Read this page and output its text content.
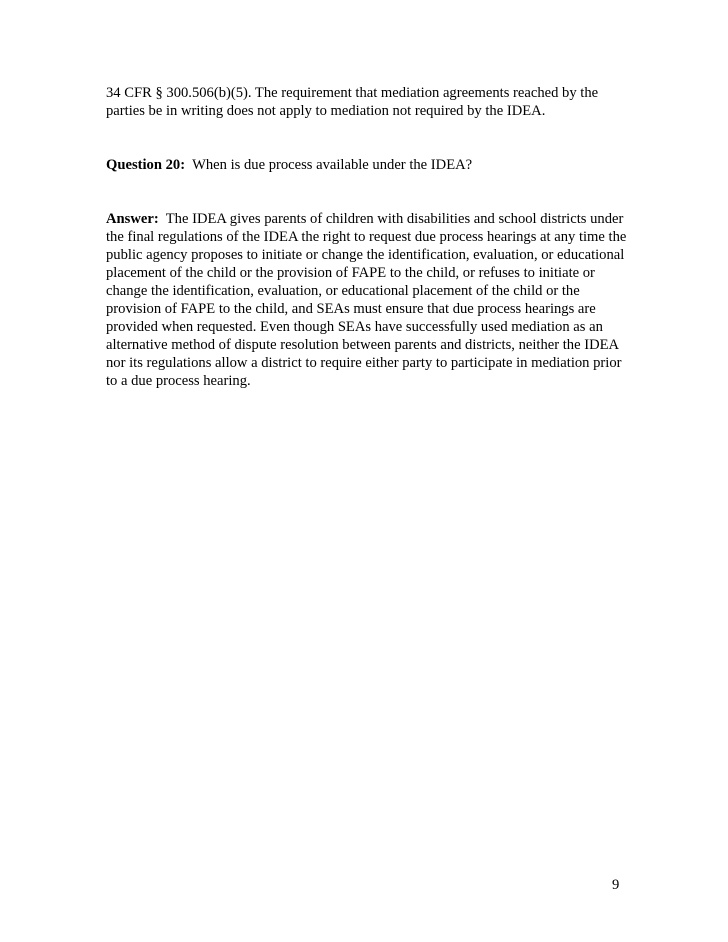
34 CFR § 300.506(b)(5). The requirement that mediation agreements reached by the
parties be in writing does not apply to mediation not required by the IDEA.

Question 20: When is due process available under the IDEA?

Answer: The IDEA gives parents of children with disabilities and school districts under
the final regulations of the IDEA the right to request due process hearings at any time the
public agency proposes to initiate or change the identification, evaluation, or educational
placement of the child or the provision of FAPE to the child, or refuses to initiate or
change the identification, evaluation, or educational placement of the child or the
provision of FAPE to the child, and SEAs must ensure that due process hearings are
provided when requested. Even though SEAs have successfully used mediation as an
alternative method of dispute resolution between parents and districts, neither the IDEA
nor its regulations allow a district to require either party to participate in mediation prior
to a due process hearing.

9
